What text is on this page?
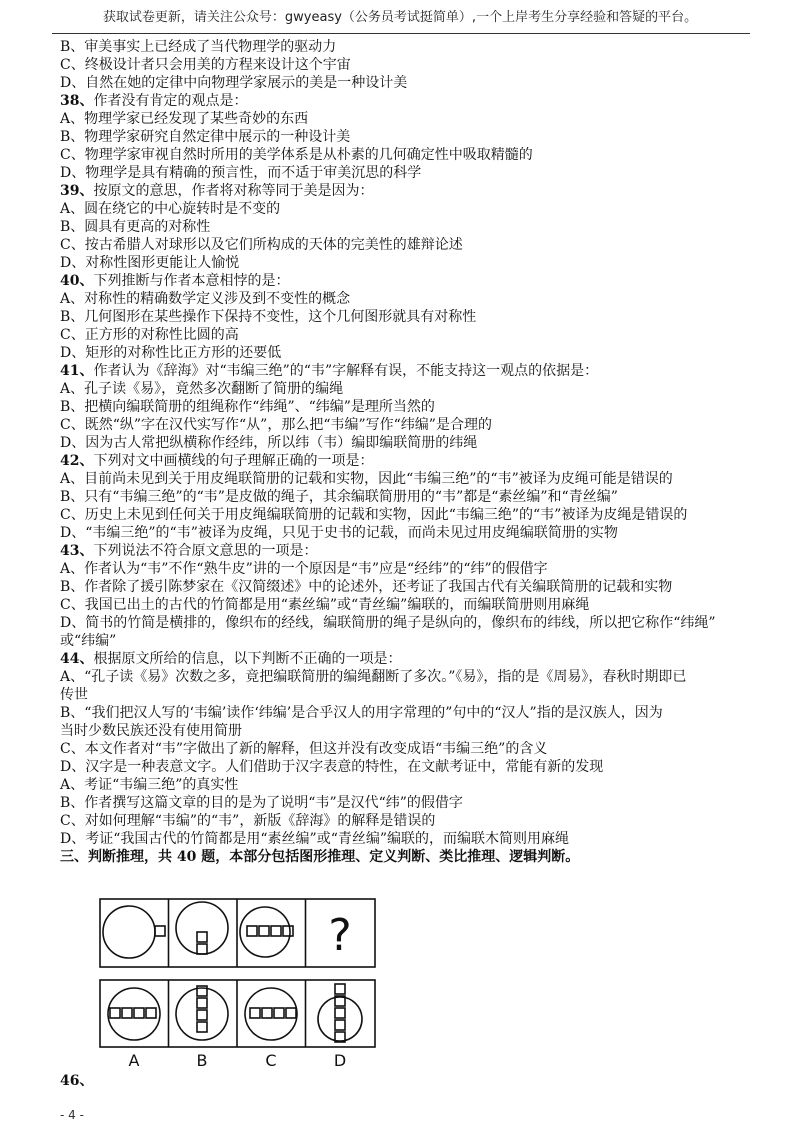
获取试卷更新，请关注公众号：gwyeasy（公务员考试挺简单）,一个上岸考生分享经验和答疑的平台。
B、审美事实上已经成了当代物理学的驱动力
C、终极设计者只会用美的方程来设计这个宇宙
D、自然在她的定律中向物理学家展示的美是一种设计美
38、作者没有肯定的观点是：
A、物理学家已经发现了某些奇妙的东西
B、物理学家研究自然定律中展示的一种设计美
C、物理学家审视自然时所用的美学体系是从朴素的几何确定性中吸取精髓的
D、物理学是具有精确的预言性，而不适于审美沉思的科学
39、按原文的意思，作者将对称等同于美是因为：
A、圆在绕它的中心旋转时是不变的
B、圆具有更高的对称性
C、按古希腊人对球形以及它们所构成的天体的完美性的雄辩论述
D、对称性图形更能让人愉悦
40、下列推断与作者本意相悖的是：
A、对称性的精确数学定义涉及到不变性的概念
B、几何图形在某些操作下保持不变性，这个几何图形就具有对称性
C、正方形的对称性比圆的高
D、矩形的对称性比正方形的还要低
41、作者认为《辞海》对“韦编三绝”的“韦”字解释有误，不能支持这一观点的依据是：
A、孔子读《易》，竟然多次翻断了简册的编绳
B、把横向编联简册的组绳称作“纬绳”、“纬编”是理所当然的
C、既然“纵”字在汉代实写作“从”，那么把“韦编”写作“纬编”是合理的
D、因为古人常把纵横称作经纬，所以纬（韦）编即编联简册的纬绳
42、下列对文中画横线的句子理解正确的一项是：
A、目前尚未见到关于用皮绳联简册的记载和实物，因此“韦编三绝”的“韦”被译为皮绳可能是错误的
B、只有“韦编三绝”的“韦”是皮做的绳子，其余编联简册用的“韦”都是“素丝编”和“青丝编”
C、历史上未见到任何关于用皮绳编联简册的记载和实物，因此“韦编三绝”的“韦”被译为皮绳是错误的
D、“韦编三绝”的“韦”被译为皮绳，只见于史书的记载，而尚未见过用皮绳编联简册的实物
43、下列说法不符合原文意思的一项是：
A、作者认为“韦”不作“熟牛皮”讲的一个原因是“韦”应是“经纬”的“纬”的假借字
B、作者除了援引陈梦家在《汉简缀述》中的论述外，还考证了我国古代有关编联简册的记载和实物
C、我国已出土的古代的竹简都是用“素丝编”或“青丝编”编联的，而编联简册则用麻绳
D、简书的竹简是横排的，像织布的经线，编联简册的绳子是纵向的，像织布的纬线，所以把它称作“纬绳”
或“纬编”
44、根据原文所给的信息，以下判断不正确的一项是：
A、“孔子读《易》次数之多，竟把编联简册的编绳翻断了多次。”《易》，指的是《周易》，春秋时期即已
传世
B、“我们把汉人写的‘韦编’读作‘纬编’是合乎汉人的用字常理的”句中的“汉人”指的是汉族人，因为
当时少数民族还没有使用简册
C、本文作者对“韦”字做出了新的解释，但这并没有改变成语“韦编三绝”的含义
D、汉字是一种表意文字。人们借助于汉字表意的特性，在文献考证中，常能有新的发现
A、考证“韦编三绝”的真实性
B、作者撰写这篇文章的目的是为了说明“韦”是汉代“纬”的假借字
C、对如何理解“韦编”的“韦”，新版《辞海》的解释是错误的
D、考证“我国古代的竹简都是用“素丝编”或“青丝编”编联的，而编联木简则用麻绳
三、判断推理，共 40 题，本部分包括图形推理、定义判断、类比推理、逻辑判断。
?
A	B	C	D
46、
- 4 -
